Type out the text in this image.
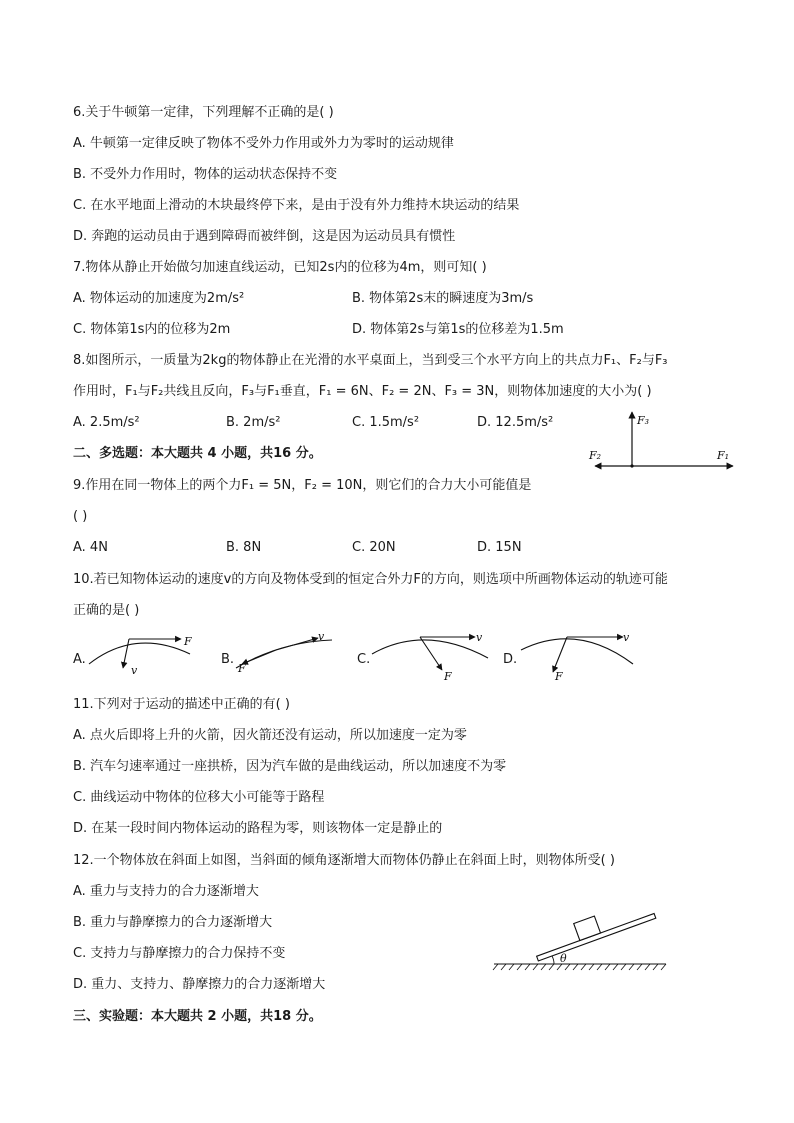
6.关于牛顿第一定律，下列理解不正确的是( )
A. 牛顿第一定律反映了物体不受外力作用或外力为零时的运动规律
B. 不受外力作用时，物体的运动状态保持不变
C. 在水平地面上滑动的木块最终停下来，是由于没有外力维持木块运动的结果
D. 奔跑的运动员由于遇到障碍而被绊倒，这是因为运动员具有惯性
7.物体从静止开始做匀加速直线运动，已知2s内的位移为4m，则可知( )
A. 物体运动的加速度为2m/s²	B. 物体第2s末的瞬速度为3m/s
C. 物体第1s内的位移为2m	D. 物体第2s与第1s的位移差为1.5m
8.如图所示，一质量为2kg的物体静止在光滑的水平桌面上，当到受三个水平方向上的共点力F₁、F₂与F₃
作用时，F₁与F₂共线且反向，F₃与F₁垂直，F₁ = 6N、F₂ = 2N、F₃ = 3N，则物体加速度的大小为( )
A. 2.5m/s²	B. 2m/s²	C. 1.5m/s²	D. 12.5m/s²	F₃
F₂	F₁
二、多选题：本大题共 4 小题，共16 分。
9.作用在同一物体上的两个力F₁ = 5N，F₂ = 10N，则它们的合力大小可能值是
( )
A. 4N	B. 8N	C. 20N	D. 15N
10.若已知物体运动的速度v的方向及物体受到的恒定合外力F的方向，则选项中所画物体运动的轨迹可能
正确的是( )
A.	B.	C.	D.
F
v
v
F
v
F
v
F
11.下列对于运动的描述中正确的有( )
A. 点火后即将上升的火箭，因火箭还没有运动，所以加速度一定为零
B. 汽车匀速率通过一座拱桥，因为汽车做的是曲线运动，所以加速度不为零
C. 曲线运动中物体的位移大小可能等于路程
D. 在某一段时间内物体运动的路程为零，则该物体一定是静止的
12.一个物体放在斜面上如图，当斜面的倾角逐渐增大而物体仍静止在斜面上时，则物体所受( )
A. 重力与支持力的合力逐渐增大
B. 重力与静摩擦力的合力逐渐增大
C. 支持力与静摩擦力的合力保持不变
D. 重力、支持力、静摩擦力的合力逐渐增大
θ
三、实验题：本大题共 2 小题，共18 分。
